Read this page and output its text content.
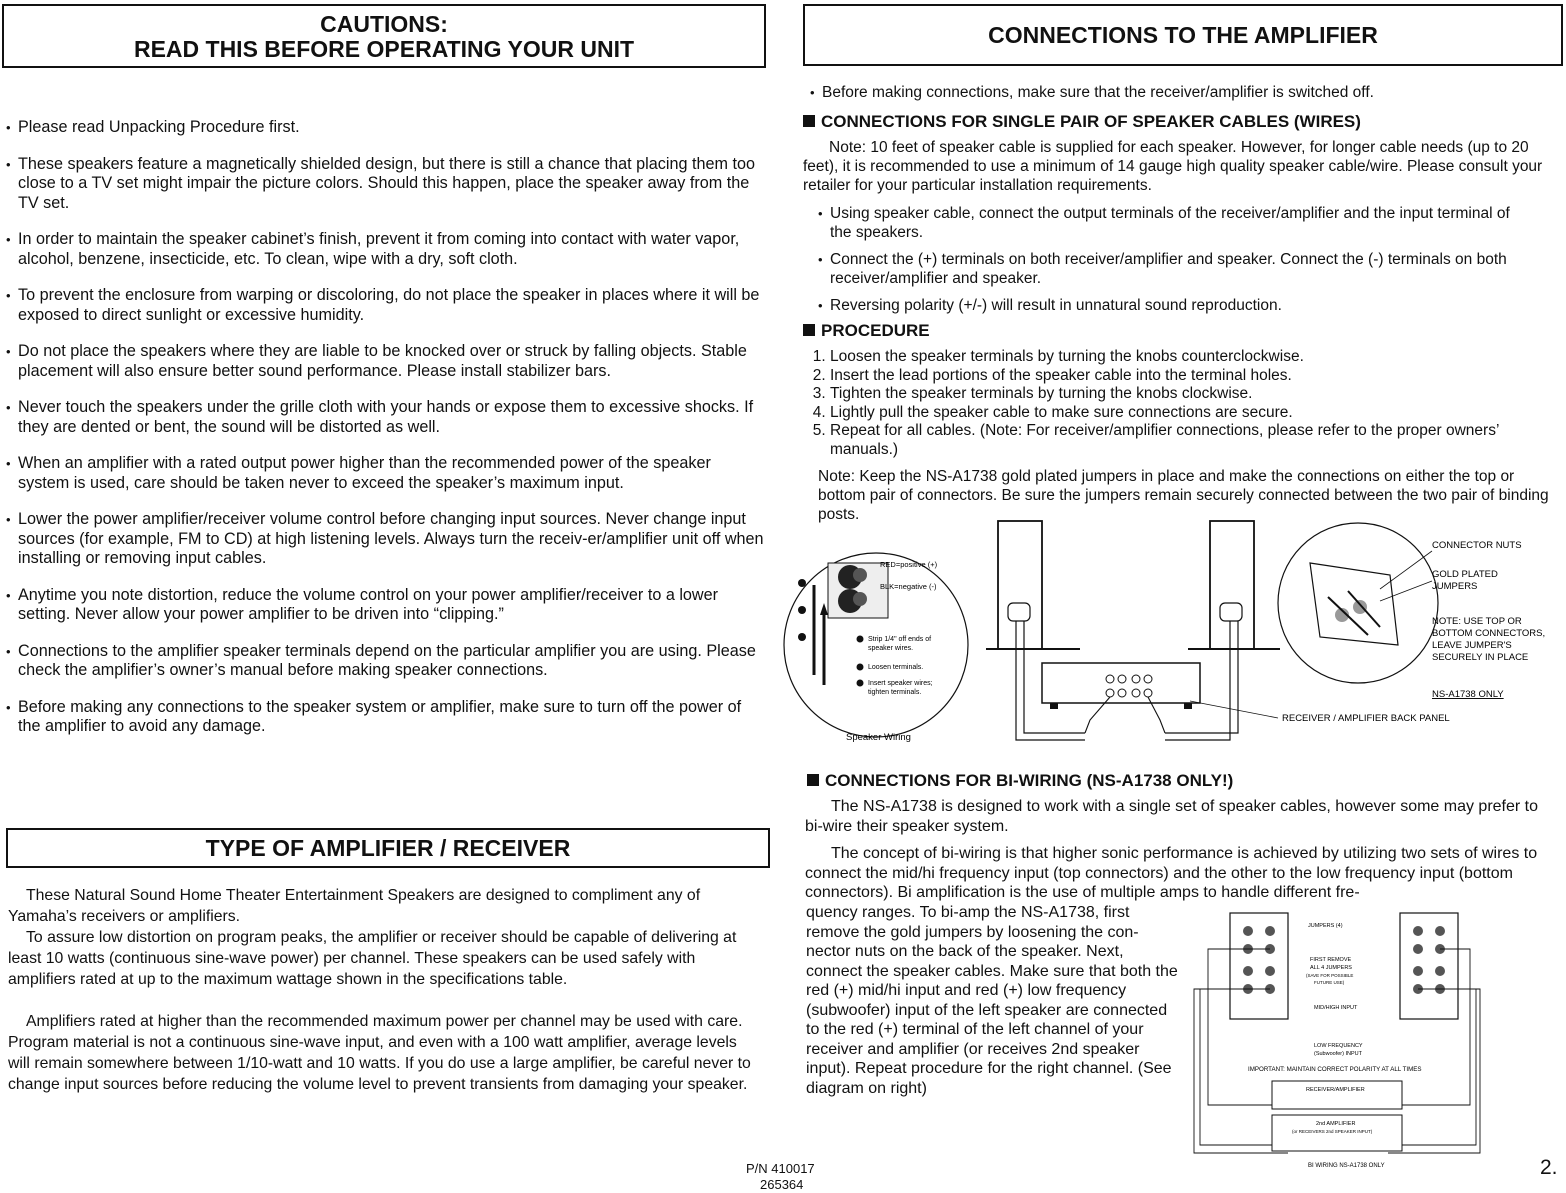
CAUTIONS:
READ THIS BEFORE OPERATING YOUR UNIT
• Please read Unpacking Procedure first.
• These speakers feature a magnetically shielded design, but there is still a chance that placing them too close to a TV set might impair the picture colors. Should this happen, place the speaker away from the TV set.
• In order to maintain the speaker cabinet’s finish, prevent it from coming into contact with water vapor, alcohol, benzene, insecticide, etc. To clean, wipe with a dry, soft cloth.
• To prevent the enclosure from warping or discoloring, do not place the speaker in places where it will be exposed to direct sunlight or excessive humidity.
• Do not place the speakers where they are liable to be knocked over or struck by falling objects. Stable placement will also ensure better sound performance. Please install stabilizer bars.
• Never touch the speakers under the grille cloth with your hands or expose them to excessive shocks. If they are dented or bent, the sound will be distorted as well.
• When an amplifier with a rated output power higher than the recommended power of the speaker system is used, care should be taken never to exceed the speaker’s maximum input.
• Lower the power amplifier/receiver volume control before changing input sources. Never change input sources (for example, FM to CD) at high listening levels. Always turn the receiv-er/amplifier unit off when installing or removing input cables.
• Anytime you note distortion, reduce the volume control on your power amplifier/receiver to a lower setting. Never allow your power amplifier to be driven into “clipping.”
• Connections to the amplifier speaker terminals depend on the particular amplifier you are using. Please check the amplifier’s owner’s manual before making speaker connections.
• Before making any connections to the speaker system or amplifier, make sure to turn off the power of the amplifier to avoid any damage.
TYPE OF AMPLIFIER / RECEIVER

These Natural Sound Home Theater Entertainment Speakers are designed to compliment any of Yamaha’s receivers or amplifiers.

To assure low distortion on program peaks, the amplifier or receiver should be capable of delivering at least 10 watts (continuous sine-wave power) per channel. These speakers can be used safely with amplifiers rated at up to the maximum wattage shown in the specifications table.

Amplifiers rated at higher than the recommended maximum power per channel may be used with care. Program material is not a continuous sine-wave input, and even with a 100 watt amplifier, average levels will remain somewhere between 1/10-watt and 10 watts. If you do use a large amplifier, be careful never to change input sources before reducing the volume level to prevent transients from damaging your speaker.

CONNECTIONS TO THE AMPLIFIER
• Before making connections, make sure that the receiver/amplifier is switched off.
CONNECTIONS FOR SINGLE PAIR OF SPEAKER CABLES (WIRES)

Note: 10 feet of speaker cable is supplied for each speaker. However, for longer cable needs (up to 20 feet), it is recommended to use a minimum of 14 gauge high quality speaker cable/wire. Please consult your retailer for your particular installation requirements.

• Using speaker cable, connect the output terminals of the receiver/amplifier and the input terminal of the speakers.
• Connect the (+) terminals on both receiver/amplifier and speaker. Connect the (-) terminals on both receiver/amplifier and speaker.
• Reversing polarity (+/-) will result in unnatural sound reproduction.
PROCEDURE
1. Loosen the speaker terminals by turning the knobs counterclockwise.
2. Insert the lead portions of the speaker cable into the terminal holes.
3. Tighten the speaker terminals by turning the knobs clockwise.
4. Lightly pull the speaker cable to make sure connections are secure.
5. Repeat for all cables. (Note: For receiver/amplifier connections, please refer to the proper owners’ manuals.)

Note: Keep the NS-A1738 gold plated jumpers in place and make the connections on either the top or bottom pair of connectors. Be sure the jumpers remain securely connected between the two pair of binding posts.

RED=positive (+)
BLK=negative (-)
Strip 1/4" off ends of
speaker wires.
Loosen terminals.
Insert speaker wires;
tighten terminals.
Speaker Wiring
RECEIVER / AMPLIFIER BACK PANEL
CONNECTOR NUTS
GOLD PLATED
JUMPERS
NOTE: USE TOP OR
BOTTOM CONNECTORS,
LEAVE JUMPER'S
SECURELY IN PLACE
NS-A1738 ONLY
CONNECTIONS FOR BI-WIRING (NS-A1738 ONLY!)

The NS-A1738 is designed to work with a single set of speaker cables, however some may prefer to bi-wire their speaker system.

The concept of bi-wiring is that higher sonic performance is achieved by utilizing two sets of wires to connect the mid/hi frequency input (top connectors) and the other to the low frequency input (bottom connectors). Bi amplification is the use of multiple amps to handle different fre-

quency ranges. To bi-amp the NS-A1738, first remove the gold jumpers by loosening the con-nector nuts on the back of the speaker. Next, connect the speaker cables. Make sure that both the red (+) mid/hi input and red (+) low frequency (subwoofer) input of the left speaker are connected to the red (+) terminal of the left channel of your receiver and amplifier (or receives 2nd speaker input). Repeat procedure for the right channel. (See diagram on right)

JUMPERS (4)
FIRST REMOVE
ALL 4 JUMPERS
(SAVE FOR POSSIBLE
FUTURE USE)
MID/HIGH INPUT
LOW FREQUENCY
(Subwoofer) INPUT
IMPORTANT: MAINTAIN CORRECT POLARITY AT ALL TIMES
RECEIVER/AMPLIFIER
2nd AMPLIFIER
(or RECEIVERS 2nd SPEAKER INPUT)
BI WIRING NS-A1738 ONLY
P/N 410017
265364
2.
